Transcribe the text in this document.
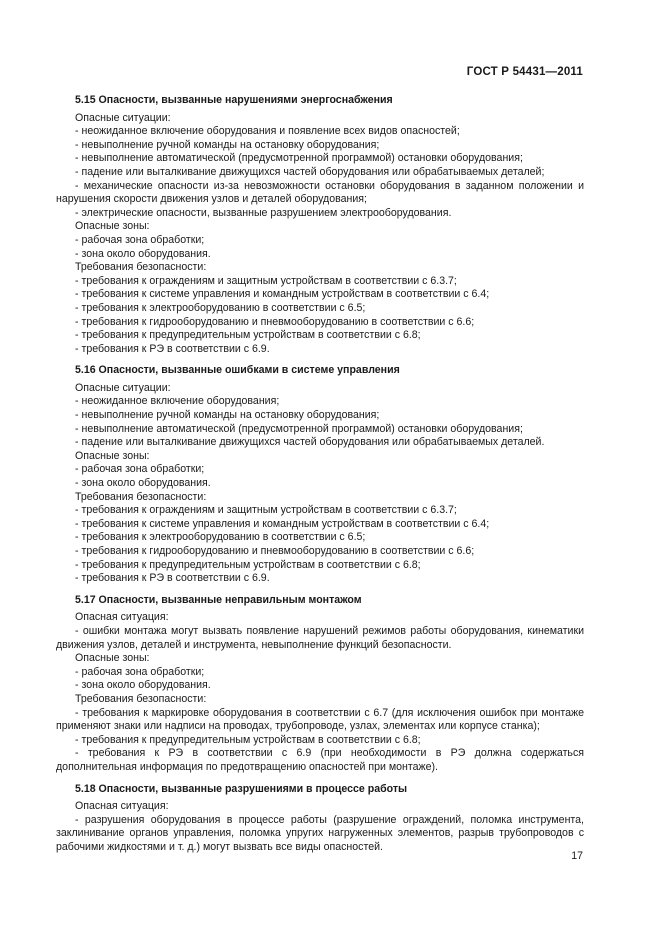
ГОСТ Р 54431—2011

5.15 Опасности, вызванные нарушениями энергоснабжения

Опасные ситуации:

- неожиданное включение оборудования и появление всех видов опасностей;

- невыполнение ручной команды на остановку оборудования;

- невыполнение автоматической (предусмотренной программой) остановки оборудования;

- падение или выталкивание движущихся частей оборудования или обрабатываемых деталей;

- механические опасности из-за невозможности остановки оборудования в заданном положении и нарушения скорости движения узлов и деталей оборудования;

- электрические опасности, вызванные разрушением электрооборудования.

Опасные зоны:

- рабочая зона обработки;

- зона около оборудования.

Требования безопасности:

- требования к ограждениям и защитным устройствам в соответствии с 6.3.7;

- требования к системе управления и командным устройствам в соответствии с 6.4;

- требования к электрооборудованию в соответствии с 6.5;

- требования к гидрооборудованию и пневмооборудованию в соответствии с 6.6;

- требования к предупредительным устройствам в соответствии с 6.8;

- требования к РЭ в соответствии с 6.9.

5.16 Опасности, вызванные ошибками в системе управления

Опасные ситуации:

- неожиданное включение оборудования;

- невыполнение ручной команды на остановку оборудования;

- невыполнение автоматической (предусмотренной программой) остановки оборудования;

- падение или выталкивание движущихся частей оборудования или обрабатываемых деталей.

Опасные зоны:

- рабочая зона обработки;

- зона около оборудования.

Требования безопасности:

- требования к ограждениям и защитным устройствам в соответствии с 6.3.7;

- требования к системе управления и командным устройствам в соответствии с 6.4;

- требования к электрооборудованию в соответствии с 6.5;

- требования к гидрооборудованию и пневмооборудованию в соответствии с 6.6;

- требования к предупредительным устройствам в соответствии с 6.8;

- требования к РЭ в соответствии с 6.9.

5.17 Опасности, вызванные неправильным монтажом

Опасная ситуация:

- ошибки монтажа могут вызвать появление нарушений режимов работы оборудования, кинематики движения узлов, деталей и инструмента, невыполнение функций безопасности.

Опасные зоны:

- рабочая зона обработки;

- зона около оборудования.

Требования безопасности:

- требования к маркировке оборудования в соответствии с 6.7 (для исключения ошибок при монтаже применяют знаки или надписи на проводах, трубопроводе, узлах, элементах или корпусе станка);

- требования к предупредительным устройствам в соответствии с 6.8;

- требования к РЭ в соответствии с 6.9 (при необходимости в РЭ должна содержаться дополнительная информация по предотвращению опасностей при монтаже).

5.18 Опасности, вызванные разрушениями в процессе работы

Опасная ситуация:

- разрушения оборудования в процессе работы (разрушение ограждений, поломка инструмента, заклинивание органов управления, поломка упругих нагруженных элементов, разрыв трубопроводов с рабочими жидкостями и т. д.) могут вызвать все виды опасностей.

17
